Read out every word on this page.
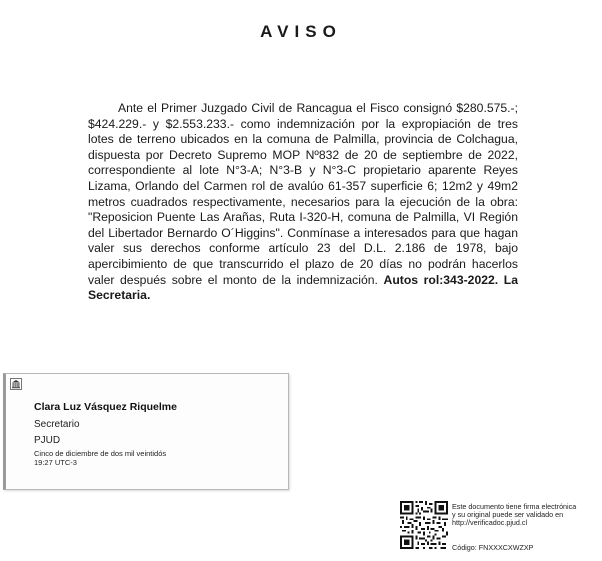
AVISO
Ante el Primer Juzgado Civil de Rancagua el Fisco consignó $280.575.-; $424.229.- y $2.553.233.- como indemnización por la expropiación de tres lotes de terreno ubicados en la comuna de Palmilla, provincia de Colchagua, dispuesta por Decreto Supremo MOP Nº832 de 20 de septiembre de 2022, correspondiente al lote N°3-A; N°3-B y N°3-C propietario aparente Reyes Lizama, Orlando del Carmen rol de avalúo 61-357 superficie 6; 12m2 y 49m2 metros cuadrados respectivamente, necesarios para la ejecución de la obra: "Reposicion Puente Las Arañas, Ruta I-320-H, comuna de Palmilla, VI Región del Libertador Bernardo O´Higgins". Conmínase a interesados para que hagan valer sus derechos conforme artículo 23 del D.L. 2.186 de 1978, bajo apercibimiento de que transcurrido el plazo de 20 días no podrán hacerlos valer después sobre el monto de la indemnización. Autos rol:343-2022. La Secretaria.
Clara Luz Vásquez Riquelme
Secretario
PJUD
Cinco de diciembre de dos mil veintidós
19:27 UTC-3
Este documento tiene firma electrónica
y su original puede ser validado en
http://verificadoc.pjud.cl
Código: FNXXXCXWZXP
